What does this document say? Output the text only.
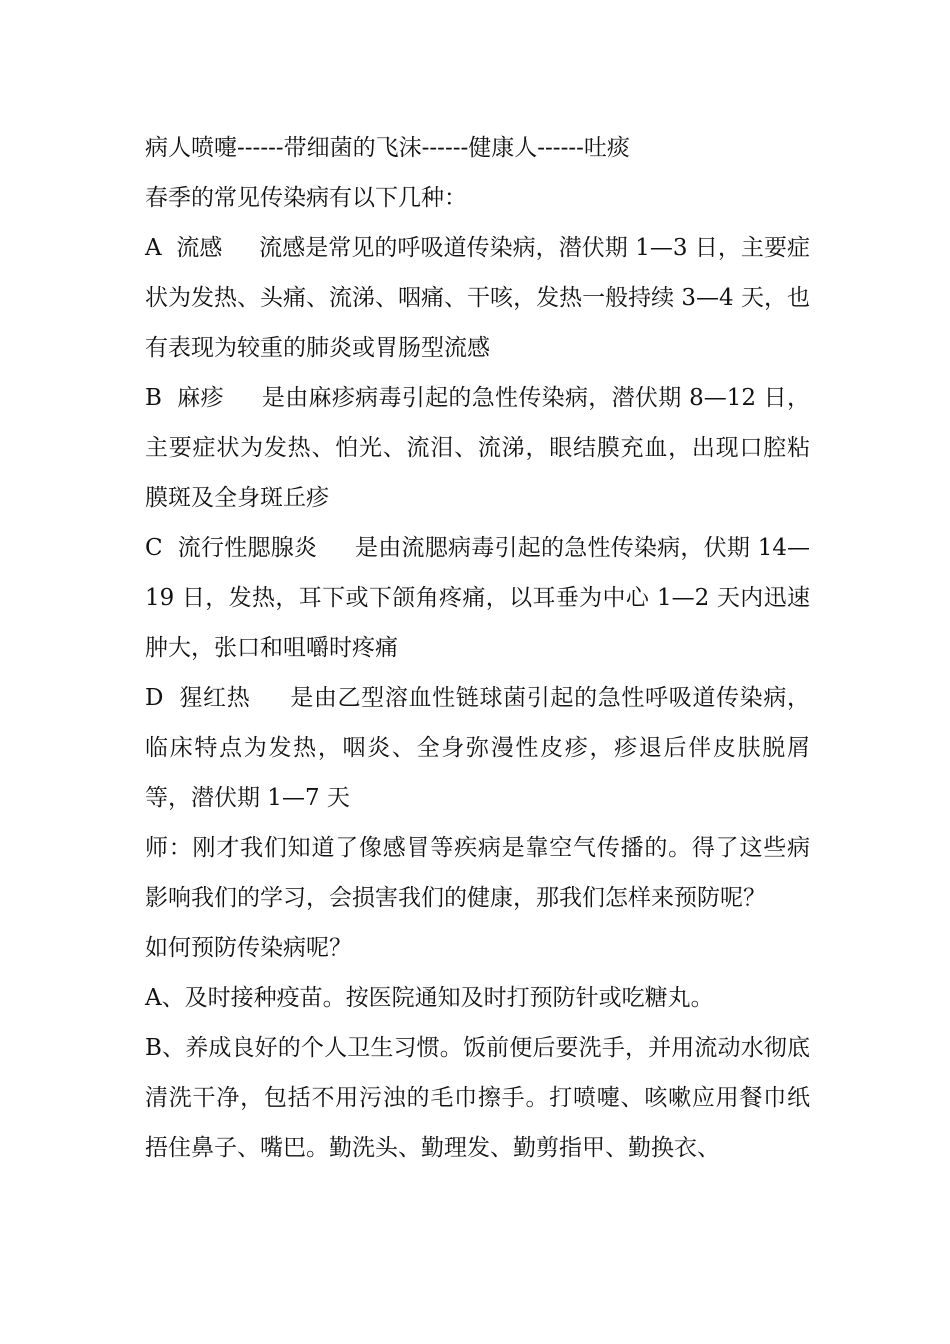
病人喷嚏------带细菌的飞沫------健康人------吐痰

春季的常见传染病有以下几种：

A  流感     流感是常见的呼吸道传染病，潜伏期 1—3 日，主要症状为发热、头痛、流涕、咽痛、干咳，发热一般持续 3—4 天，也有表现为较重的肺炎或胃肠型流感

B  麻疹     是由麻疹病毒引起的急性传染病，潜伏期 8—12 日，主要症状为发热、怕光、流泪、流涕，眼结膜充血，出现口腔粘膜斑及全身斑丘疹

C  流行性腮腺炎     是由流腮病毒引起的急性传染病，伏期 14—19 日，发热，耳下或下颌角疼痛，以耳垂为中心 1—2 天内迅速肿大，张口和咀嚼时疼痛

D  猩红热     是由乙型溶血性链球菌引起的急性呼吸道传染病，临床特点为发热，咽炎、全身弥漫性皮疹，疹退后伴皮肤脱屑等，潜伏期 1—7 天

师：刚才我们知道了像感冒等疾病是靠空气传播的。得了这些病影响我们的学习，会损害我们的健康，那我们怎样来预防呢？

如何预防传染病呢？

A、及时接种疫苗。按医院通知及时打预防针或吃糖丸。

B、养成良好的个人卫生习惯。饭前便后要洗手，并用流动水彻底清洗干净，包括不用污浊的毛巾擦手。打喷嚏、咳嗽应用餐巾纸捂住鼻子、嘴巴。勤洗头、勤理发、勤剪指甲、勤换衣、
